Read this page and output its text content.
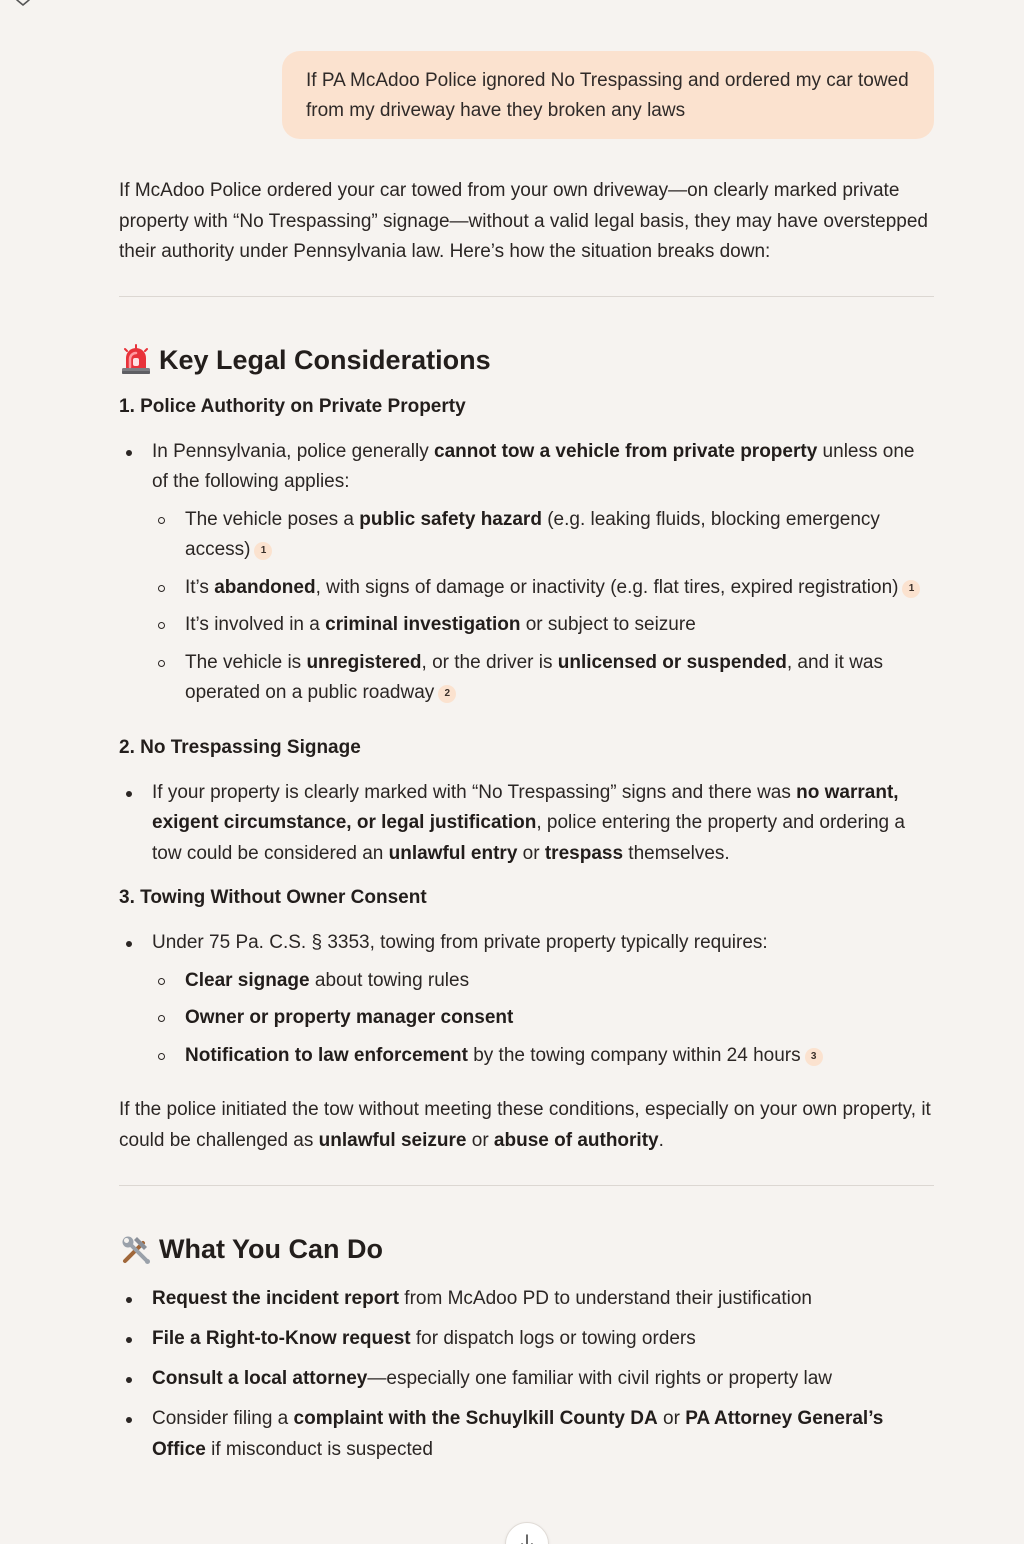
If PA McAdoo Police ignored No Trespassing and ordered my car towed from my driveway have they broken any laws

If McAdoo Police ordered your car towed from your own driveway—on clearly marked private property with “No Trespassing” signage—without a valid legal basis, they may have overstepped their authority under Pennsylvania law. Here’s how the situation breaks down:

Key Legal Considerations
1. Police Authority on Private Property
In Pennsylvania, police generally cannot tow a vehicle from private property unless one of the following applies:
The vehicle poses a public safety hazard (e.g. leaking fluids, blocking emergency access) 1
It’s abandoned, with signs of damage or inactivity (e.g. flat tires, expired registration) 1
It’s involved in a criminal investigation or subject to seizure
The vehicle is unregistered, or the driver is unlicensed or suspended, and it was operated on a public roadway 2
2. No Trespassing Signage
If your property is clearly marked with “No Trespassing” signs and there was no warrant, exigent circumstance, or legal justification, police entering the property and ordering a tow could be considered an unlawful entry or trespass themselves.
3. Towing Without Owner Consent
Under 75 Pa. C.S. § 3353, towing from private property typically requires:
Clear signage about towing rules
Owner or property manager consent
Notification to law enforcement by the towing company within 24 hours 3

If the police initiated the tow without meeting these conditions, especially on your own property, it could be challenged as unlawful seizure or abuse of authority.

What You Can Do
Request the incident report from McAdoo PD to understand their justification
File a Right-to-Know request for dispatch logs or towing orders
Consult a local attorney—especially one familiar with civil rights or property law
Consider filing a complaint with the Schuylkill County DA or PA Attorney General’s Office if misconduct is suspected
